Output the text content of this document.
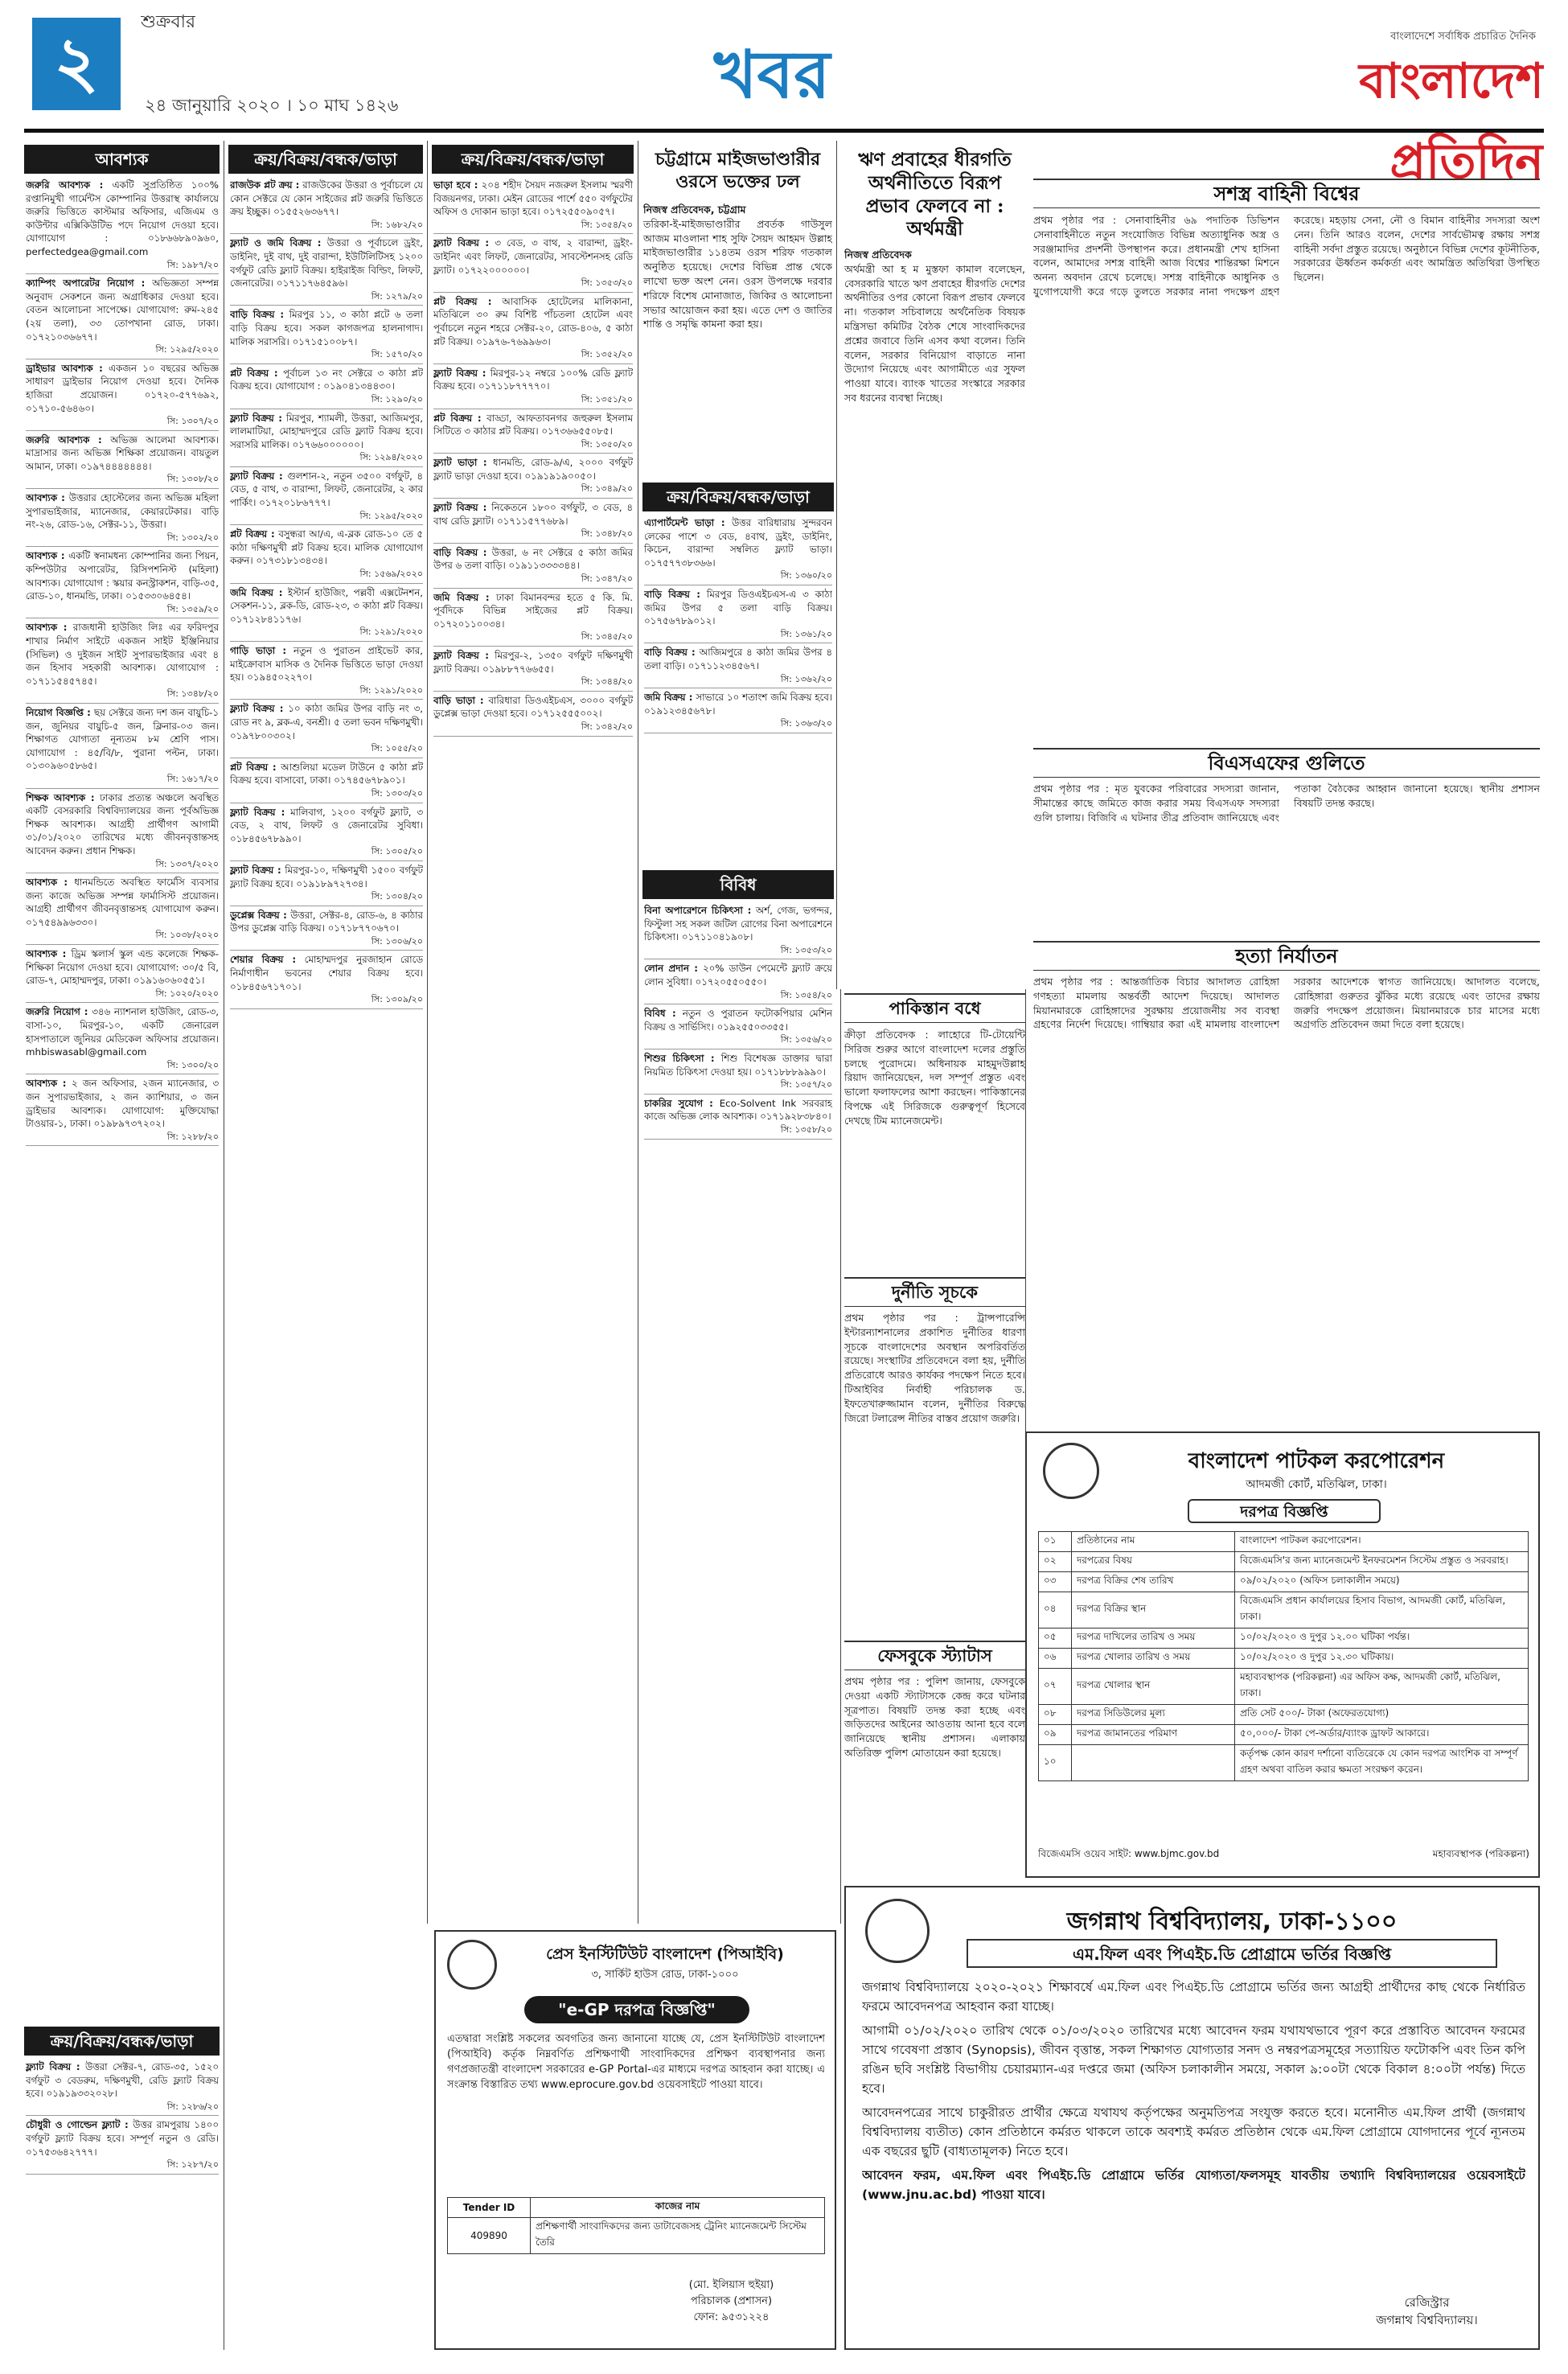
২
শুক্রবার
২৪ জানুয়ারি ২০২০ । ১০ মাঘ ১৪২৬	খবর	বাংলাদেশে সর্বাধিক প্রচারিত দৈনিক
বাংলাদেশ প্রতিদিন
আবশ্যক
জরুরি আবশ্যক : একটি সুপ্রতিষ্ঠিত ১০০% রপ্তানিমুখী গার্মেন্টস কোম্পানির উত্তরাস্থ কার্যালয়ে জরুরি ভিত্তিতে কাস্টমার অফিসার, এজিএম ও কাউন্টার এক্সিকিউটিভ পদে নিয়োগ দেওয়া হবে। যোগাযোগ : ০১৮৬৬৮৯০৯৬০, perfectedgea@gmail.com
সি: ১৯৮৭/২০
ক্যাম্পিং অপারেটর নিয়োগ : অভিজ্ঞতা সম্পন্ন অনুবাদ সেকশনে জন্য অগ্রাধিকার দেওয়া হবে। বেতন আলোচনা সাপেক্ষে। যোগাযোগ: রুম-২৪৫ (২য় তলা), ৩৩ তোপখানা রোড, ঢাকা। ০১৭২১০৩৬৬৭৭।
সি: ১২৯৫/২০২০
ড্রাইভার আবশ্যক : একজন ১০ বছরের অভিজ্ঞ সাধারণ ড্রাইভার নিয়োগ দেওয়া হবে। দৈনিক হাজিরা প্রয়োজন। ০১৭২০-৫৭৭৬৯২, ০১৭১০-৫৬৪৬০।
সি: ১৩০৭/২০
জরুরি আবশ্যক : অভিজ্ঞ আলেমা আবশ্যক। মাদ্রাসার জন্য অভিজ্ঞ শিক্ষিকা প্রয়োজন। বায়তুল আমান, ঢাকা। ০১৯৭৪৪৪৪৪৪৪।
সি: ১৩০৮/২০
আবশ্যক : উত্তরার হোস্টেলের জন্য অভিজ্ঞ মহিলা সুপারভাইজার, ম্যানেজার, কেয়ারটেকার। বাড়ি নং-২৬, রোড-১৬, সেক্টর-১১, উত্তরা।
সি: ১৩০২/২০
আবশ্যক : একটি স্বনামধন্য কোম্পানির জন্য পিয়ন, কম্পিউটার অপারেটর, রিসিপশনিস্ট (মহিলা) আবশ্যক। যোগাযোগ : স্কয়ার কনস্ট্রাকশন, বাড়ি-৩৫, রোড-১০, ধানমন্ডি, ঢাকা। ০১৫৩৩০৬৪৫৪।
সি: ১৩৫৯/২০
আবশ্যক : রাজধানী হাউজিং লিঃ এর ফরিদপুর শাখার নির্মাণ সাইটে একজন সাইট ইঞ্জিনিয়ার (সিভিল) ও দুইজন সাইট সুপারভাইজার এবং ৪ জন হিসাব সহকারী আবশ্যক। যোগাযোগ : ০১৭১১৫৪৫৭৪৫।
সি: ১৩৪৮/২০
নিয়োগ বিজ্ঞপ্তি : ছয় সেক্টরে জন্য দশ জন বায়ুচি-১ জন, জুনিয়র বায়ুচি-৫ জন, ক্লিনার-০৩ জন। শিক্ষাগত যোগ্যতা নূন্যতম ৮ম শ্রেণি পাস। যোগাযোগ : ৪৫/বি/৮, পুরানা পল্টন, ঢাকা। ০১৩০৯৬০৫৮৬৫।
সি: ১৬১৭/২০
শিক্ষক আবশ্যক : ঢাকার প্রত্যন্ত অঞ্চলে অবস্থিত একটি বেসরকারি বিশ্ববিদ্যালয়ের জন্য পূর্বঅভিজ্ঞ শিক্ষক আবশ্যক। আগ্রহী প্রার্থীগণ আগামী ৩১/০১/২০২০ তারিখের মধ্যে জীবনবৃত্তান্তসহ আবেদন করুন। প্রধান শিক্ষক।
সি: ১৩৩৭/২০২০
আবশ্যক : ধানমন্ডিতে অবস্থিত ফার্মেসি ব্যবসার জন্য কাজে অভিজ্ঞ সম্পন্ন ফার্মাসিস্ট প্রয়োজন। আগ্রহী প্রার্থীগণ জীবনবৃত্তান্তসহ যোগাযোগ করুন। ০১৭৫৪৯৯৬৩৩০।
সি: ১০৩৮/২০২০
আবশ্যক : ড্রিম স্কলার্স স্কুল এন্ড কলেজে শিক্ষক-শিক্ষিকা নিয়োগ দেওয়া হবে। যোগাযোগ: ৩০/৫ বি, রোড-৭, মোহাম্মদপুর, ঢাকা। ০১৯১৬০৬০৫৫১।
সি: ১০২০/২০২০
জরুরি নিয়োগ : ৩৪৬ ন্যাশনাল হাউজিং, রোড-৩, বাসা-১০, মিরপুর-১০, একটি জেনারেল হাসপাতালে জুনিয়র মেডিকেল অফিসার প্রয়োজন। mhbiswasabl@gmail.com
সি: ১৩০০/২০
আবশ্যক : ২ জন অফিসার, ২জন ম্যানেজার, ৩ জন সুপারভাইজার, ২ জন ক্যাশিয়ার, ৩ জন ড্রাইভার আবশ্যক। যোগাযোগ: মুক্তিযোদ্ধা টাওয়ার-১, ঢাকা। ০১৯৮৯৭৩৭২০২।
সি: ১২৮৮/২০
ক্রয়/বিক্রয়/বন্ধক/ভাড়া
ফ্ল্যাট বিক্রয় : উত্তরা সেক্টর-৭, রোড-৩৫, ১৫২০ বর্গফুট ৩ বেডরুম, দক্ষিণমুখী, রেডি ফ্ল্যাট বিক্রয় হবে। ০১৯১৯৩৩২০২৮।
সি: ১২৮৬/২০
চৌধুরী ও গোল্ডেন ফ্ল্যাট : উত্তর রামপুরায় ১৪০০ বর্গফুট ফ্ল্যাট বিক্রয় হবে। সম্পূর্ণ নতুন ও রেডি। ০১৭৫৩৬৪২৭৭৭।
সি: ১২৮৭/২০
ক্রয়/বিক্রয়/বন্ধক/ভাড়া
রাজউক প্লট ক্রয় : রাজউকের উত্তরা ও পূর্বাচলে যে কোন সেক্টরে যে কোন সাইজের প্লট জরুরি ভিত্তিতে ক্রয় ইচ্ছুক। ০১৫৫২৬৩৬৭৭।
সি: ১৬৮২/২০
ফ্ল্যাট ও জমি বিক্রয় : উত্তরা ও পূর্বাচলে ড্রইং, ডাইনিং, দুই বাথ, দুই বারান্দা, ইউটিলিটিসহ ১২০০ বর্গফুট রেডি ফ্ল্যাট বিক্রয়। হাইরাইজ বিল্ডিং, লিফট, জেনারেটর। ০১৭১১৭৬৪৫৯৬।
সি: ১২৭৯/২০
বাড়ি বিক্রয় : মিরপুর ১১, ৩ কাঠা প্লটে ৬ তলা বাড়ি বিক্রয় হবে। সকল কাগজপত্র হালনাগাদ। মালিক সরাসরি। ০১৭১৫১০০৮৭।
সি: ১৫৭০/২০
প্লট বিক্রয় : পূর্বাচল ১৩ নং সেক্টরে ৩ কাঠা প্লট বিক্রয় হবে। যোগাযোগ : ০১৯০৪১৩৪৪৩০।
সি: ১২৯০/২০
ফ্ল্যাট বিক্রয় : মিরপুর, শ্যামলী, উত্তরা, আজিমপুর, লালমাটিয়া, মোহাম্মদপুরে রেডি ফ্ল্যাট বিক্রয় হবে। সরাসরি মালিক। ০১৭৬৬০০০০০০।
সি: ১২৯৪/২০২০
ফ্ল্যাট বিক্রয় : গুলশান-২, নতুন ৩৫০০ বর্গফুট, ৪ বেড, ৫ বাথ, ৩ বারান্দা, লিফট, জেনারেটর, ২ কার পার্কিং। ০১৭২০১৮৬৭৭৭।
সি: ১২৯৫/২০২০
প্লট বিক্রয় : বসুন্ধরা আ/এ, এ-ব্লক রোড-১০ তে ৫ কাঠা দক্ষিণমুখী প্লট বিক্রয় হবে। মালিক যোগাযোগ করুন। ০১৭৩১৮১৩৪৩৪।
সি: ১৫৬৯/২০২০
জমি বিক্রয় : ইস্টার্ন হাউজিং, পল্লবী এক্সটেনশন, সেকশন-১১, ব্লক-ডি, রোড-২৩, ৩ কাঠা প্লট বিক্রয়। ০১৭১২৮৪১১৭৬।
সি: ১২৯১/২০২০
গাড়ি ভাড়া : নতুন ও পুরাতন প্রাইভেট কার, মাইক্রোবাস মাসিক ও দৈনিক ভিত্তিতে ভাড়া দেওয়া হয়। ০১৯৪৫০২২৭০।
সি: ১২৯১/২০২০
ফ্ল্যাট বিক্রয় : ১০ কাঠা জমির উপর বাড়ি নং ৩, রোড নং ৯, ব্লক-এ, বনশ্রী। ৫ তলা ভবন দক্ষিণমুখী। ০১৯৭৮০০৩০২।
সি: ১০৫৫/২০
প্লট বিক্রয় : আশুলিয়া মডেল টাউনে ৫ কাঠা প্লট বিক্রয় হবে। বাসাবো, ঢাকা। ০১৭৪৫৬৭৮৯০১।
সি: ১৩০৩/২০
ফ্ল্যাট বিক্রয় : মালিবাগ, ১২০০ বর্গফুট ফ্ল্যাট, ৩ বেড, ২ বাথ, লিফট ও জেনারেটর সুবিধা। ০১৮৪৫৬৭৮৯৯০।
সি: ১৩০৫/২০
ফ্ল্যাট বিক্রয় : মিরপুর-১০, দক্ষিণমুখী ১৫০০ বর্গফুট ফ্ল্যাট বিক্রয় হবে। ০১৯১৮৯৭২৭৩৪।
সি: ১৩০৪/২০
ডুপ্লেক্স বিক্রয় : উত্তরা, সেক্টর-৪, রোড-৬, ৪ কাঠার উপর ডুপ্লেক্স বাড়ি বিক্রয়। ০১৭১৮৭৭০৬৭০।
সি: ১৩০৬/২০
শেয়ার বিক্রয় : মোহাম্মদপুর নুরজাহান রোডে নির্মাণাধীন ভবনের শেয়ার বিক্রয় হবে। ০১৮৪৫৬৭১৭০১।
সি: ১৩০৯/২০
ক্রয়/বিক্রয়/বন্ধক/ভাড়া
ভাড়া হবে : ২০৪ শহীদ সৈয়দ নজরুল ইসলাম স্মরণী বিজয়নগর, ঢাকা। মেইন রোডের পার্শে ৫৫০ বর্গফুটের অফিস ও দোকান ভাড়া হবে। ০১৭২৫৫০৯০৫৭।
সি: ১৩৫৪/২০
ফ্ল্যাট বিক্রয় : ৩ বেড, ৩ বাথ, ২ বারান্দা, ড্রইং-ডাইনিং এবং লিফট, জেনারেটর, সাবস্টেশনসহ রেডি ফ্ল্যাট। ০১৭২২০০০০০০।
সি: ১৩৫৩/২০
প্লট বিক্রয় : আবাসিক হোটেলের মালিকানা, মতিঝিলে ৩০ রুম বিশিষ্ট পাঁচতলা হোটেল এবং পূর্বাচলে নতুন শহরে সেক্টর-২০, রোড-৪০৬, ৫ কাঠা প্লট বিক্রয়। ০১৯৭৬-৭৬৯৯৬৩।
সি: ১৩৫২/২০
ফ্ল্যাট বিক্রয় : মিরপুর-১২ নম্বরে ১০০% রেডি ফ্ল্যাট বিক্রয় হবে। ০১৭১১৮৭৭৭৭০।
সি: ১৩৫১/২০
প্লট বিক্রয় : বাড্ডা, আফতাবনগর জহুরুল ইসলাম সিটিতে ৩ কাঠার প্লট বিক্রয়। ০১৭৩৬৬৫৫০৮৫।
সি: ১৩৫০/২০
ফ্ল্যাট ভাড়া : ধানমন্ডি, রোড-৯/এ, ২০০০ বর্গফুট ফ্ল্যাট ভাড়া দেওয়া হবে। ০১৯১৯১৯০০৫০।
সি: ১৩৪৯/২০
ফ্ল্যাট বিক্রয় : নিকেতনে ১৮০০ বর্গফুট, ৩ বেড, ৪ বাথ রেডি ফ্ল্যাট। ০১৭১১৫৭৭৬৮৯।
সি: ১৩৪৮/২০
বাড়ি বিক্রয় : উত্তরা, ৬ নং সেক্টরে ৫ কাঠা জমির উপর ৬ তলা বাড়ি। ০১৯১১৩৩৩৩৪৪।
সি: ১৩৪৭/২০
জমি বিক্রয় : ঢাকা বিমানবন্দর হতে ৫ কি. মি. পূর্বদিকে বিভিন্ন সাইজের প্লট বিক্রয়। ০১৭২০১১০০৩৪।
সি: ১৩৪৫/২০
ফ্ল্যাট বিক্রয় : মিরপুর-২, ১৩৫০ বর্গফুট দক্ষিণমুখী ফ্ল্যাট বিক্রয়। ০১৯৮৮৭৭৬৬৫৫।
সি: ১৩৪৪/২০
বাড়ি ভাড়া : বারিধারা ডিওএইচএস, ৩০০০ বর্গফুট ডুপ্লেক্স ভাড়া দেওয়া হবে। ০১৭১২৫৫৫০০২।
সি: ১৩৪২/২০
চট্টগ্রামে মাইজভাণ্ডারীর ওরসে ভক্তের ঢল
নিজস্ব প্রতিবেদক, চট্টগ্রাম
তরিকা-ই-মাইজভাণ্ডারীর প্রবর্তক গাউসুল আজম মাওলানা শাহ সুফি সৈয়দ আহমদ উল্লাহ মাইজভাণ্ডারীর ১১৪তম ওরস শরিফ গতকাল অনুষ্ঠিত হয়েছে। দেশের বিভিন্ন প্রান্ত থেকে লাখো ভক্ত অংশ নেন। ওরস উপলক্ষে দরবার শরিফে বিশেষ মোনাজাত, জিকির ও আলোচনা সভার আয়োজন করা হয়। এতে দেশ ও জাতির শান্তি ও সমৃদ্ধি কামনা করা হয়।
ক্রয়/বিক্রয়/বন্ধক/ভাড়া
এ্যাপার্টমেন্ট ভাড়া : উত্তর বারিধারায় সুন্দরবন লেকের পাশে ৩ বেড, ৪বাথ, ড্রইং, ডাইনিং, কিচেন, বারান্দা সম্বলিত ফ্ল্যাট ভাড়া। ০১৭৫৭৭৩৮৩৬৬।
সি: ১৩৬০/২০
বাড়ি বিক্রয় : মিরপুর ডিওএইচএস-এ ৩ কাঠা জমির উপর ৫ তলা বাড়ি বিক্রয়। ০১৭৫৬৭৮৯০১২।
সি: ১৩৬১/২০
বাড়ি বিক্রয় : আজিমপুরে ৪ কাঠা জমির উপর ৪ তলা বাড়ি। ০১৭১১২৩৪৫৬৭।
সি: ১৩৬২/২০
জমি বিক্রয় : সাভারে ১০ শতাংশ জমি বিক্রয় হবে। ০১৯১২৩৪৫৬৭৮।
সি: ১৩৬৩/২০
বিবিধ
বিনা অপারেশনে চিকিৎসা : অর্শ, গেজ, ভগন্দর, ফিস্টুলা সহ সকল জটিল রোগের বিনা অপারেশনে চিকিৎসা। ০১৭১১০৪১৯০৮।
সি: ১৩৫৩/২০
লোন প্রদান : ২০% ডাউন পেমেন্টে ফ্ল্যাট ক্রয়ে লোন সুবিধা। ০১৭২০৫৫০৫৫০।
সি: ১৩৫৪/২০
বিবিধ : নতুন ও পুরাতন ফটোকপিয়ার মেশিন বিক্রয় ও সার্ভিসিং। ০১৯২৫৫০৩৩৫৫।
সি: ১৩৫৬/২০
শিশুর চিকিৎসা : শিশু বিশেষজ্ঞ ডাক্তার দ্বারা নিয়মিত চিকিৎসা দেওয়া হয়। ০১৭১৮৮৮৯৯৯০।
সি: ১৩৫৭/২০
চাকরির সুযোগ : Eco-Solvent Ink সরবরাহ কাজে অভিজ্ঞ লোক আবশ্যক। ০১৭১৯২৮৩৮৪০।
সি: ১৩৫৮/২০
ঋণ প্রবাহের ধীরগতি অর্থনীতিতে বিরূপ প্রভাব ফেলবে না : অর্থমন্ত্রী
নিজস্ব প্রতিবেদক
অর্থমন্ত্রী আ হ ম মুস্তফা কামাল বলেছেন, বেসরকারি খাতে ঋণ প্রবাহের ধীরগতি দেশের অর্থনীতির ওপর কোনো বিরূপ প্রভাব ফেলবে না। গতকাল সচিবালয়ে অর্থনৈতিক বিষয়ক মন্ত্রিসভা কমিটির বৈঠক শেষে সাংবাদিকদের প্রশ্নের জবাবে তিনি এসব কথা বলেন। তিনি বলেন, সরকার বিনিয়োগ বাড়াতে নানা উদ্যোগ নিয়েছে এবং আগামীতে এর সুফল পাওয়া যাবে। ব্যাংক খাতের সংস্কারে সরকার সব ধরনের ব্যবস্থা নিচ্ছে।
পাকিস্তান বধে
ক্রীড়া প্রতিবেদক : লাহোরে টি-টোয়েন্টি সিরিজ শুরুর আগে বাংলাদেশ দলের প্রস্তুতি চলছে পুরোদমে। অধিনায়ক মাহমুদউল্লাহ রিয়াদ জানিয়েছেন, দল সম্পূর্ণ প্রস্তুত এবং ভালো ফলাফলের আশা করছেন। পাকিস্তানের বিপক্ষে এই সিরিজকে গুরুত্বপূর্ণ হিসেবে দেখছে টিম ম্যানেজমেন্ট।
দুর্নীতি সূচকে
প্রথম পৃষ্ঠার পর : ট্রান্সপারেন্সি ইন্টারন্যাশনালের প্রকাশিত দুর্নীতির ধারণা সূচকে বাংলাদেশের অবস্থান অপরিবর্তিত রয়েছে। সংস্থাটির প্রতিবেদনে বলা হয়, দুর্নীতি প্রতিরোধে আরও কার্যকর পদক্ষেপ নিতে হবে। টিআইবির নির্বাহী পরিচালক ড. ইফতেখারুজ্জামান বলেন, দুর্নীতির বিরুদ্ধে জিরো টলারেন্স নীতির বাস্তব প্রয়োগ জরুরি।
ফেসবুকে স্ট্যাটাস
প্রথম পৃষ্ঠার পর : পুলিশ জানায়, ফেসবুকে দেওয়া একটি স্ট্যাটাসকে কেন্দ্র করে ঘটনার সূত্রপাত। বিষয়টি তদন্ত করা হচ্ছে এবং জড়িতদের আইনের আওতায় আনা হবে বলে জানিয়েছে স্থানীয় প্রশাসন। এলাকায় অতিরিক্ত পুলিশ মোতায়েন করা হয়েছে।
সশস্ত্র বাহিনী বিশ্বের
প্রথম পৃষ্ঠার পর : সেনাবাহিনীর ৬৯ পদাতিক ডিভিশন সেনাবাহিনীতে নতুন সংযোজিত বিভিন্ন অত্যাধুনিক অস্ত্র ও সরঞ্জামাদির প্রদর্শনী উপস্থাপন করে। প্রধানমন্ত্রী শেখ হাসিনা বলেন, আমাদের সশস্ত্র বাহিনী আজ বিশ্বের শান্তিরক্ষা মিশনে অনন্য অবদান রেখে চলেছে। সশস্ত্র বাহিনীকে আধুনিক ও যুগোপযোগী করে গড়ে তুলতে সরকার নানা পদক্ষেপ গ্রহণ করেছে। মহড়ায় সেনা, নৌ ও বিমান বাহিনীর সদস্যরা অংশ নেন। তিনি আরও বলেন, দেশের সার্বভৌমত্ব রক্ষায় সশস্ত্র বাহিনী সর্বদা প্রস্তুত রয়েছে। অনুষ্ঠানে বিভিন্ন দেশের কূটনীতিক, সরকারের ঊর্ধ্বতন কর্মকর্তা এবং আমন্ত্রিত অতিথিরা উপস্থিত ছিলেন।
বিএসএফের গুলিতে
প্রথম পৃষ্ঠার পর : মৃত যুবকের পরিবারের সদস্যরা জানান, সীমান্তের কাছে জমিতে কাজ করার সময় বিএসএফ সদস্যরা গুলি চালায়। বিজিবি এ ঘটনার তীব্র প্রতিবাদ জানিয়েছে এবং পতাকা বৈঠকের আহ্বান জানানো হয়েছে। স্থানীয় প্রশাসন বিষয়টি তদন্ত করছে।
হত্যা নির্যাতন
প্রথম পৃষ্ঠার পর : আন্তর্জাতিক বিচার আদালত রোহিঙ্গা গণহত্যা মামলায় অন্তর্বর্তী আদেশ দিয়েছে। আদালত মিয়ানমারকে রোহিঙ্গাদের সুরক্ষায় প্রয়োজনীয় সব ব্যবস্থা গ্রহণের নির্দেশ দিয়েছে। গাম্বিয়ার করা এই মামলায় বাংলাদেশ সরকার আদেশকে স্বাগত জানিয়েছে। আদালত বলেছে, রোহিঙ্গারা গুরুতর ঝুঁকির মধ্যে রয়েছে এবং তাদের রক্ষায় জরুরি পদক্ষেপ প্রয়োজন। মিয়ানমারকে চার মাসের মধ্যে অগ্রগতি প্রতিবেদন জমা দিতে বলা হয়েছে।
বাংলাদেশ পাটকল করপোরেশন
আদমজী কোর্ট, মতিঝিল, ঢাকা।
দরপত্র বিজ্ঞপ্তি
০১	প্রতিষ্ঠানের নাম	বাংলাদেশ পাটকল করপোরেশন।
০২	দরপত্রের বিষয়	বিজেএমসি'র জন্য ম্যানেজমেন্ট ইনফরমেশন সিস্টেম প্রস্তুত ও সরবরাহ।
০৩	দরপত্র বিক্রির শেষ তারিখ	০৯/০২/২০২০ (অফিস চলাকালীন সময়ে)
০৪	দরপত্র বিক্রির স্থান	বিজেএমসি প্রধান কার্যালয়ের হিসাব বিভাগ, আদমজী কোর্ট, মতিঝিল, ঢাকা।
০৫	দরপত্র দাখিলের তারিখ ও সময়	১০/০২/২০২০ ও দুপুর ১২.০০ ঘটিকা পর্যন্ত।
০৬	দরপত্র খোলার তারিখ ও সময়	১০/০২/২০২০ ও দুপুর ১২.৩০ ঘটিকায়।
০৭	দরপত্র খোলার স্থান	মহাব্যবস্থাপক (পরিকল্পনা) এর অফিস কক্ষ, আদমজী কোর্ট, মতিঝিল, ঢাকা।
০৮	দরপত্র সিডিউলের মূল্য	প্রতি সেট ৫০০/- টাকা (অফেরতযোগ্য)
০৯	দরপত্র জামানতের পরিমাণ	৫০,০০০/- টাকা পে-অর্ডার/ব্যাংক ড্রাফট আকারে।
১০		কর্তৃপক্ষ কোন কারণ দর্শানো ব্যতিরেকে যে কোন দরপত্র আংশিক বা সম্পূর্ণ গ্রহণ অথবা বাতিল করার ক্ষমতা সংরক্ষণ করেন।
বিজেএমসি ওয়েব সাইট: www.bjmc.gov.bd	মহাব্যবস্থাপক (পরিকল্পনা)
প্রেস ইনস্টিটিউট বাংলাদেশ (পিআইবি)
৩, সার্কিট হাউস রোড, ঢাকা-১০০০
"e-GP দরপত্র বিজ্ঞপ্তি"
এতদ্বারা সংশ্লিষ্ট সকলের অবগতির জন্য জানানো যাচ্ছে যে, প্রেস ইনস্টিটিউট বাংলাদেশ (পিআইবি) কর্তৃক নিম্নবর্ণিত প্রশিক্ষণার্থী সাংবাদিকদের প্রশিক্ষণ ব্যবস্থাপনার জন্য গণপ্রজাতন্ত্রী বাংলাদেশ সরকারের e-GP Portal-এর মাধ্যমে দরপত্র আহবান করা যাচ্ছে। এ সংক্রান্ত বিস্তারিত তথ্য www.eprocure.gov.bd ওয়েবসাইটে পাওয়া যাবে।
Tender ID	কাজের নাম
409890	প্রশিক্ষণার্থী সাংবাদিকদের জন্য ডাটাবেজসহ ট্রেনিং ম্যানেজমেন্ট সিস্টেম তৈরি
(মো. ইলিয়াস হুইয়া)
পরিচালক (প্রশাসন)
ফোন: ৯৫৩১২২৪
জগন্নাথ বিশ্ববিদ্যালয়, ঢাকা-১১০০
এম.ফিল এবং পিএইচ.ডি প্রোগ্রামে ভর্তির বিজ্ঞপ্তি

জগন্নাথ বিশ্ববিদ্যালয়ে ২০২০-২০২১ শিক্ষাবর্ষে এম.ফিল এবং পিএইচ.ডি প্রোগ্রামে ভর্তির জন্য আগ্রহী প্রার্থীদের কাছ থেকে নির্ধারিত ফরমে আবেদনপত্র আহবান করা যাচ্ছে।

আগামী ০১/০২/২০২০ তারিখ থেকে ০১/০৩/২০২০ তারিখের মধ্যে আবেদন ফরম যথাযথভাবে পূরণ করে প্রস্তাবিত আবেদন ফরমের সাথে গবেষণা প্রস্তাব (Synopsis), জীবন বৃত্তান্ত, সকল শিক্ষাগত যোগ্যতার সনদ ও নম্বরপত্রসমূহের সত্যায়িত ফটোকপি এবং তিন কপি রঙিন ছবি সংশ্লিষ্ট বিভাগীয় চেয়ারম্যান-এর দপ্তরে জমা (অফিস চলাকালীন সময়ে, সকাল ৯:০০টা থেকে বিকাল ৪:০০টা পর্যন্ত) দিতে হবে।

আবেদনপত্রের সাথে চাকুরীরত প্রার্থীর ক্ষেত্রে যথাযথ কর্তৃপক্ষের অনুমতিপত্র সংযুক্ত করতে হবে। মনোনীত এম.ফিল প্রার্থী (জগন্নাথ বিশ্ববিদ্যালয় ব্যতীত) কোন প্রতিষ্ঠানে কর্মরত থাকলে তাকে অবশ্যই কর্মরত প্রতিষ্ঠান থেকে এম.ফিল প্রোগ্রামে যোগদানের পূর্বে ন্যূনতম এক বছরের ছুটি (বাধ্যতামূলক) নিতে হবে।

আবেদন ফরম, এম.ফিল এবং পিএইচ.ডি প্রোগ্রামে ভর্তির যোগ্যতা/ফলসমূহ যাবতীয় তথ্যাদি বিশ্ববিদ্যালয়ের ওয়েবসাইটে (www.jnu.ac.bd) পাওয়া যাবে।

রেজিস্ট্রার
জগন্নাথ বিশ্ববিদ্যালয়।
